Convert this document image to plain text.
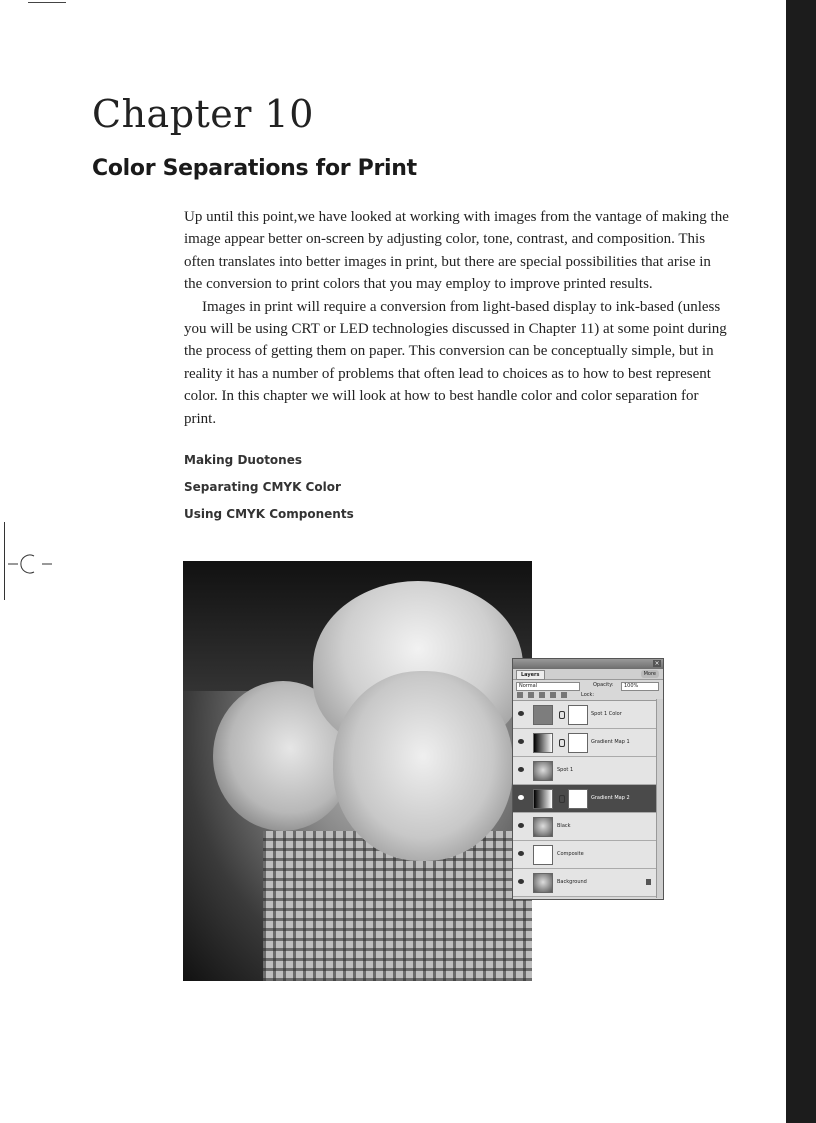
Chapter 10
Color Separations for Print

Up until this point,we have looked at working with images from the vantage of making the image appear better on-screen by adjusting color, tone, contrast, and composition. This often translates into better images in print, but there are special possibilities that arise in the conversion to print colors that you may employ to improve printed results.

Images in print will require a conversion from light-based display to ink-based (unless you will be using CRT or LED technologies discussed in Chapter 11) at some point during the process of getting them on paper. This conversion can be conceptually simple, but in reality it has a number of problems that often lead to choices as to how to best represent color. In this chapter we will look at how to best handle color and color separation for print.

Making Duotones
Separating CMYK Color
Using CMYK Components
×
Layers	More
Normal	Opacity:	100%
Lock:
Spot 1 Color
Gradient Map 1
Spot 1
Gradient Map 2
Black
Composite
Background
